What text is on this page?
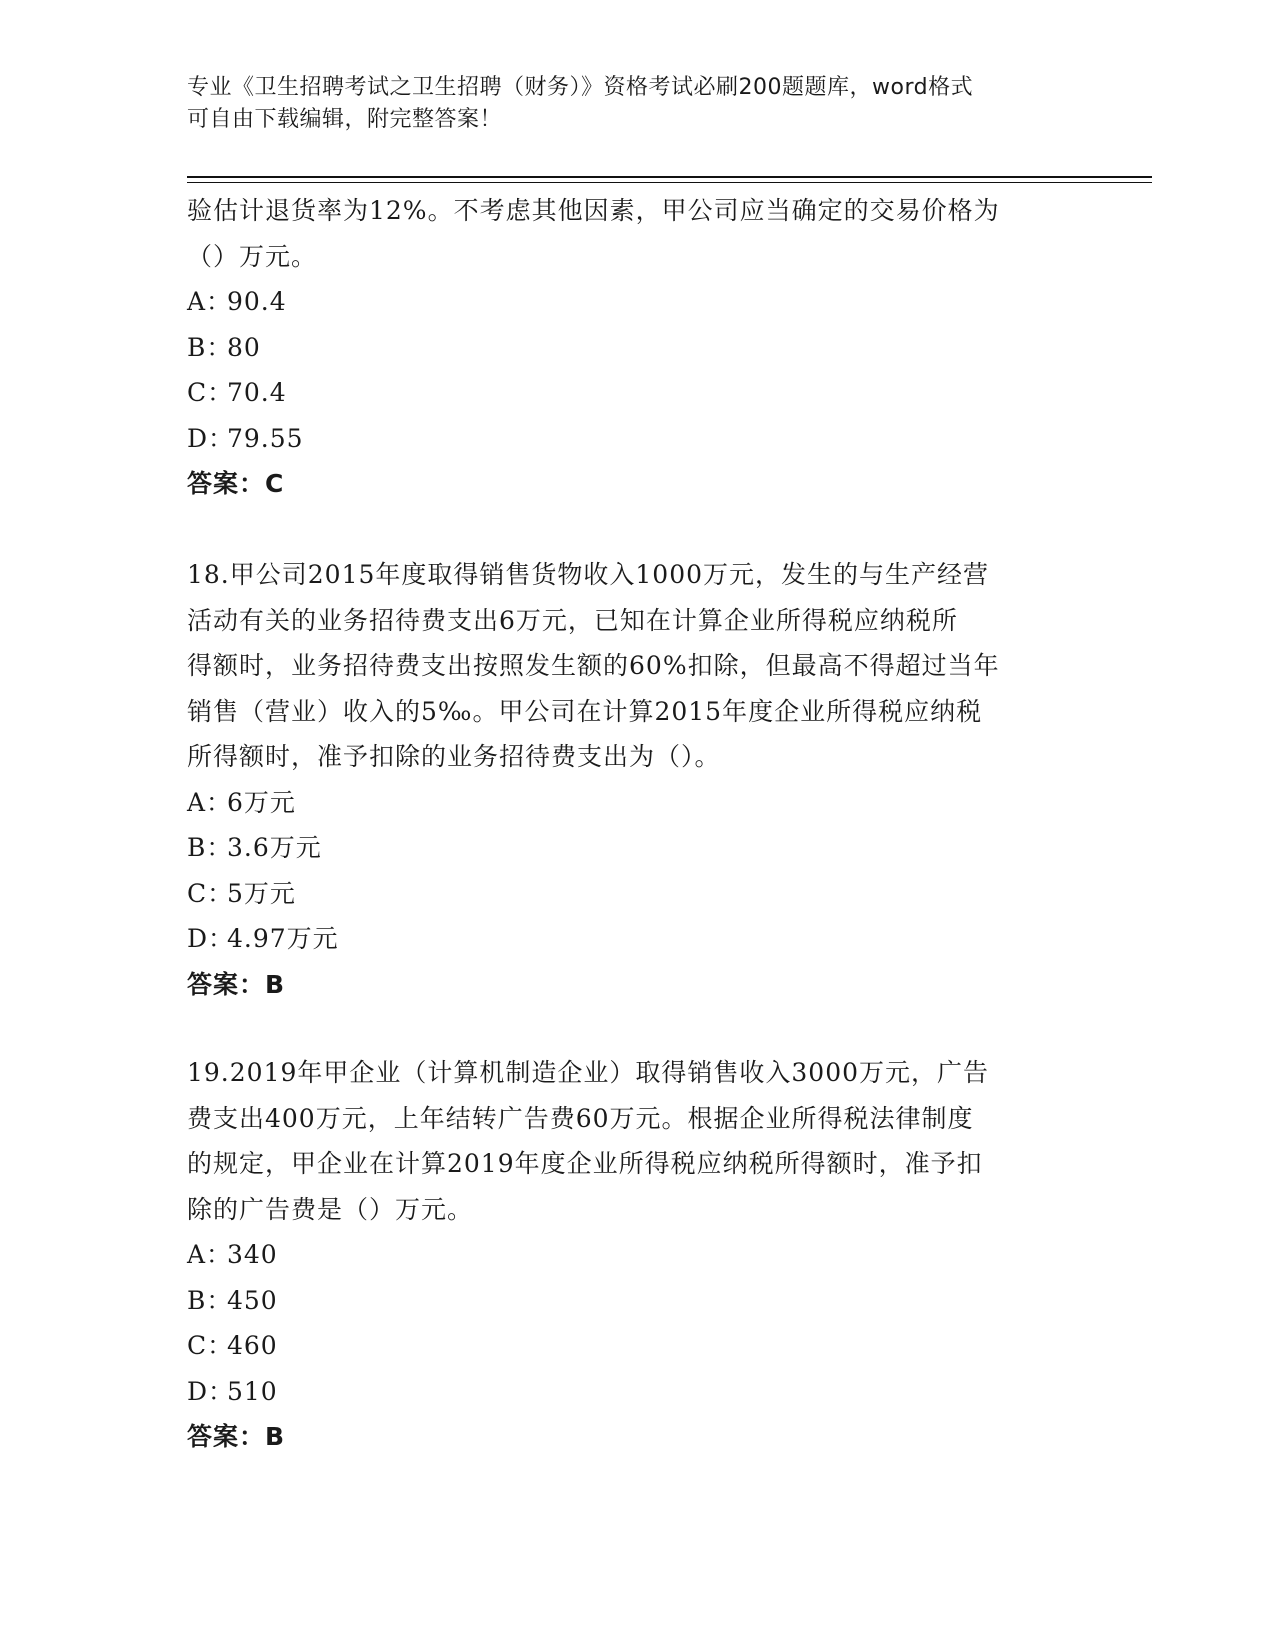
专业《卫生招聘考试之卫生招聘（财务）》资格考试必刷200题题库，word格式
可自由下载编辑，附完整答案！

验估计退货率为12%。不考虑其他因素，甲公司应当确定的交易价格为

（）万元。

A：90.4

B：80

C：70.4

D：79.55

答案：C

18.甲公司2015年度取得销售货物收入1000万元，发生的与生产经营

活动有关的业务招待费支出6万元，已知在计算企业所得税应纳税所

得额时，业务招待费支出按照发生额的60%扣除，但最高不得超过当年

销售（营业）收入的5‰。甲公司在计算2015年度企业所得税应纳税

所得额时，准予扣除的业务招待费支出为（）。

A：6万元

B：3.6万元

C：5万元

D：4.97万元

答案：B

19.2019年甲企业（计算机制造企业）取得销售收入3000万元，广告

费支出400万元，上年结转广告费60万元。根据企业所得税法律制度

的规定，甲企业在计算2019年度企业所得税应纳税所得额时，准予扣

除的广告费是（）万元。

A：340

B：450

C：460

D：510

答案：B
